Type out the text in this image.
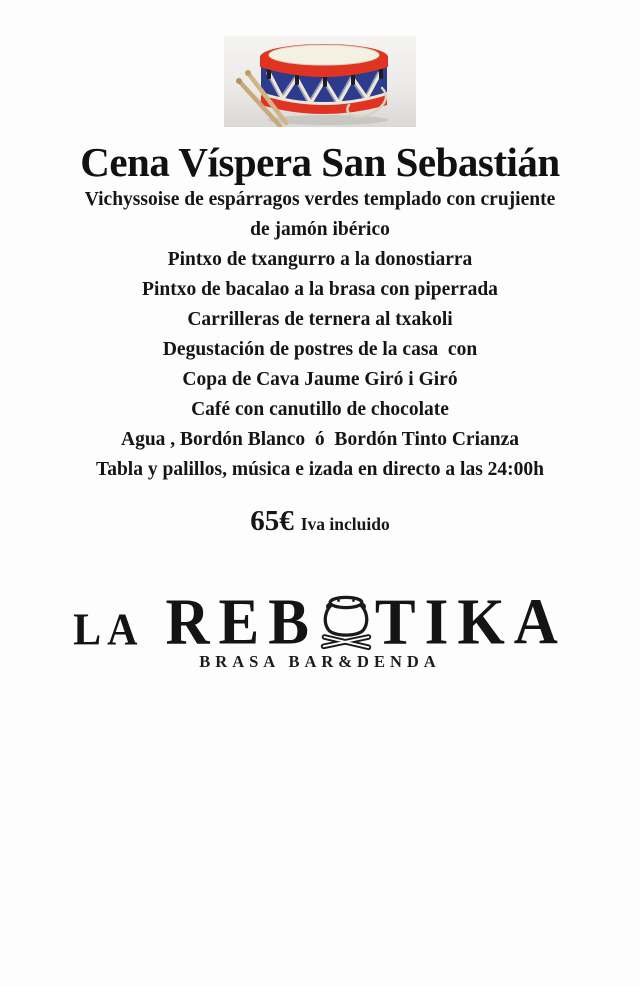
Cena Víspera San Sebastián

Vichyssoise de espárragos verdes templado con crujiente
de jamón ibérico

Pintxo de txangurro a la donostiarra

Pintxo de bacalao a la brasa con piperrada

Carrilleras de ternera al txakoli

Degustación de postres de la casa  con
Copa de Cava Jaume Giró i Giró

Café con canutillo de chocolate

Agua , Bordón Blanco  ó  Bordón Tinto Crianza

Tabla y palillos, música e izada en directo a las 24:00h

65€ Iva incluido

LA REB TIKA
BRASA BAR&DENDA
